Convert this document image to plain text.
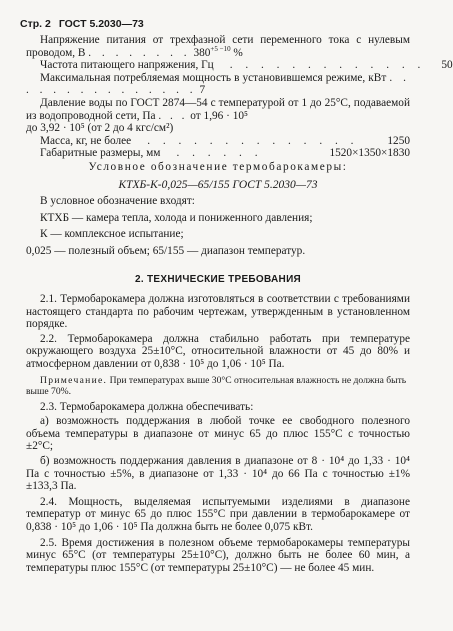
Стр. 2 ГОСТ 5.2030—73

Напряжение питания от трехфазной сети переменного тока с нулевым проводом, В . . . . . . . . $380^{+5 -10}$ %

Частота питающего напряжения, Гц	. . . . . . . . . . . . .	50

Максимальная потребляемая мощность в установившемся режиме, кВт . . . . . . . . . . . . . . . 7

Давление воды по ГОСТ 2874—54 с температурой от 1 до 25°С, подаваемой из водопроводной сети, Па . . . от 1,96 · 10⁵

до 3,92 · 10⁵ (от 2 до 4 кгс/см²)

Масса, кг, не более	. . . . . . . . . . . . . .	1250
Габаритные размеры, мм	. . . . . .	1520×1350×1830

Условное обозначение термобарокамеры:

КТХБ-К-0,025—65/155 ГОСТ 5.2030—73

В условное обозначение входят:

КТХБ — камера тепла, холода и пониженного давления;

К — комплексное испытание;

0,025 — полезный объем; 65/155 — диапазон температур.

2. ТЕХНИЧЕСКИЕ ТРЕБОВАНИЯ

2.1. Термобарокамера должна изготовляться в соответствии с требованиями настоящего стандарта по рабочим чертежам, утвержденным в установленном порядке.

2.2. Термобарокамера должна стабильно работать при температуре окружающего воздуха 25±10°С, относительной влажности от 45 до 80% и атмосферном давлении от 0,838 · 10⁵ до 1,06 · 10⁵ Па.

Примечание. При температурах выше 30°С относительная влажность не должна быть выше 70%.

2.3. Термобарокамера должна обеспечивать:

а) возможность поддержания в любой точке ее свободного полезного объема температуры в диапазоне от минус 65 до плюс 155°С с точностью ±2°С;

б) возможность поддержания давления в диапазоне от 8 · 10⁴ до 1,33 · 10⁴ Па с точностью ±5%, в диапазоне от 1,33 · 10⁴ до 66 Па с точностью ±1% ±133,3 Па.

2.4. Мощность, выделяемая испытуемыми изделиями в диапазоне температур от минус 65 до плюс 155°С при давлении в термобарокамере от 0,838 · 10⁵ до 1,06 · 10⁵ Па должна быть не более 0,075 кВт.

2.5. Время достижения в полезном объеме термобарокамеры температуры минус 65°С (от температуры 25±10°С), должно быть не более 60 мин, а температуры плюс 155°С (от температуры 25±10°С) — не более 45 мин.
